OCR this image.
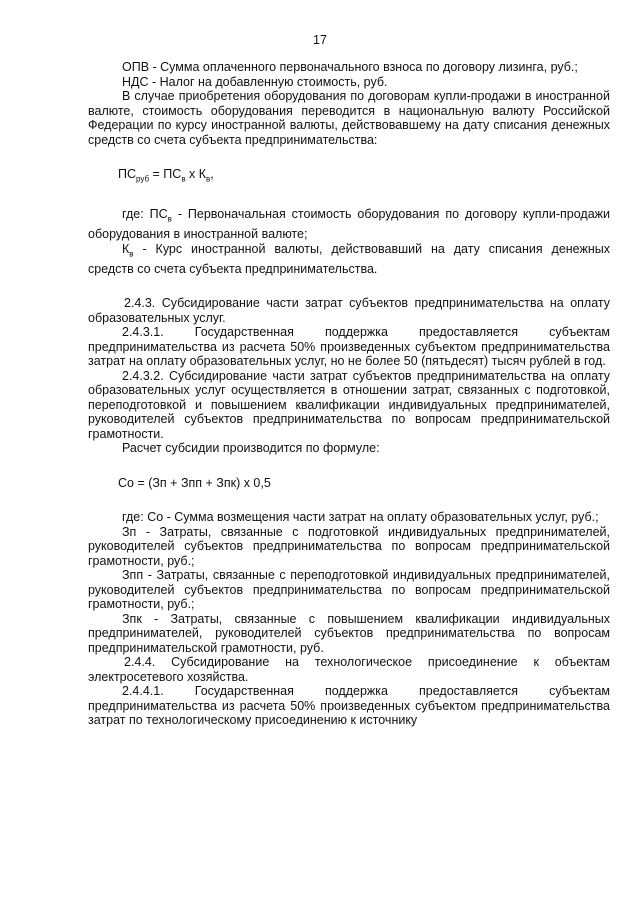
17

ОПВ - Сумма оплаченного первоначального взноса по договору лизинга, руб.;

НДС - Налог на добавленную стоимость, руб.

В случае приобретения оборудования по договорам купли-продажи в иностранной валюте, стоимость оборудования переводится в национальную валюту Российской Федерации по курсу иностранной валюты, действовавшему на дату списания денежных средств со счета субъекта предпринимательства:

$ПС_{руб} = ПС_в$ х $К_в$,

где: $ПС_в$ - Первоначальная стоимость оборудования по договору купли-продажи оборудования в иностранной валюте;

$К_в$ - Курс иностранной валюты, действовавший на дату списания денежных средств со счета субъекта предпринимательства.

2.4.3. Субсидирование части затрат субъектов предпринимательства на оплату образовательных услуг.

2.4.3.1. Государственная поддержка предоставляется субъектам предпринимательства из расчета 50% произведенных субъектом предпринимательства затрат на оплату образовательных услуг, но не более 50 (пятьдесят) тысяч рублей в год.

2.4.3.2. Субсидирование части затрат субъектов предпринимательства на оплату образовательных услуг осуществляется в отношении затрат, связанных с подготовкой, переподготовкой и повышением квалификации индивидуальных предпринимателей, руководителей субъектов предпринимательства по вопросам предпринимательской грамотности.

Расчет субсидии производится по формуле:

Со = (Зп + Зпп + Зпк) х 0,5

где: Со - Сумма возмещения части затрат на оплату образовательных услуг, руб.;

Зп - Затраты, связанные с подготовкой индивидуальных предпринимателей, руководителей субъектов предпринимательства по вопросам предпринимательской грамотности, руб.;

Зпп - Затраты, связанные с переподготовкой индивидуальных предпринимателей, руководителей субъектов предпринимательства по вопросам предпринимательской грамотности, руб.;

Зпк - Затраты, связанные с повышением квалификации индивидуальных предпринимателей, руководителей субъектов предпринимательства по вопросам предпринимательской грамотности, руб.

2.4.4. Субсидирование на технологическое присоединение к объектам электросетевого хозяйства.

2.4.4.1. Государственная поддержка предоставляется субъектам предпринимательства из расчета 50% произведенных субъектом предпринимательства затрат по технологическому присоединению к источнику
